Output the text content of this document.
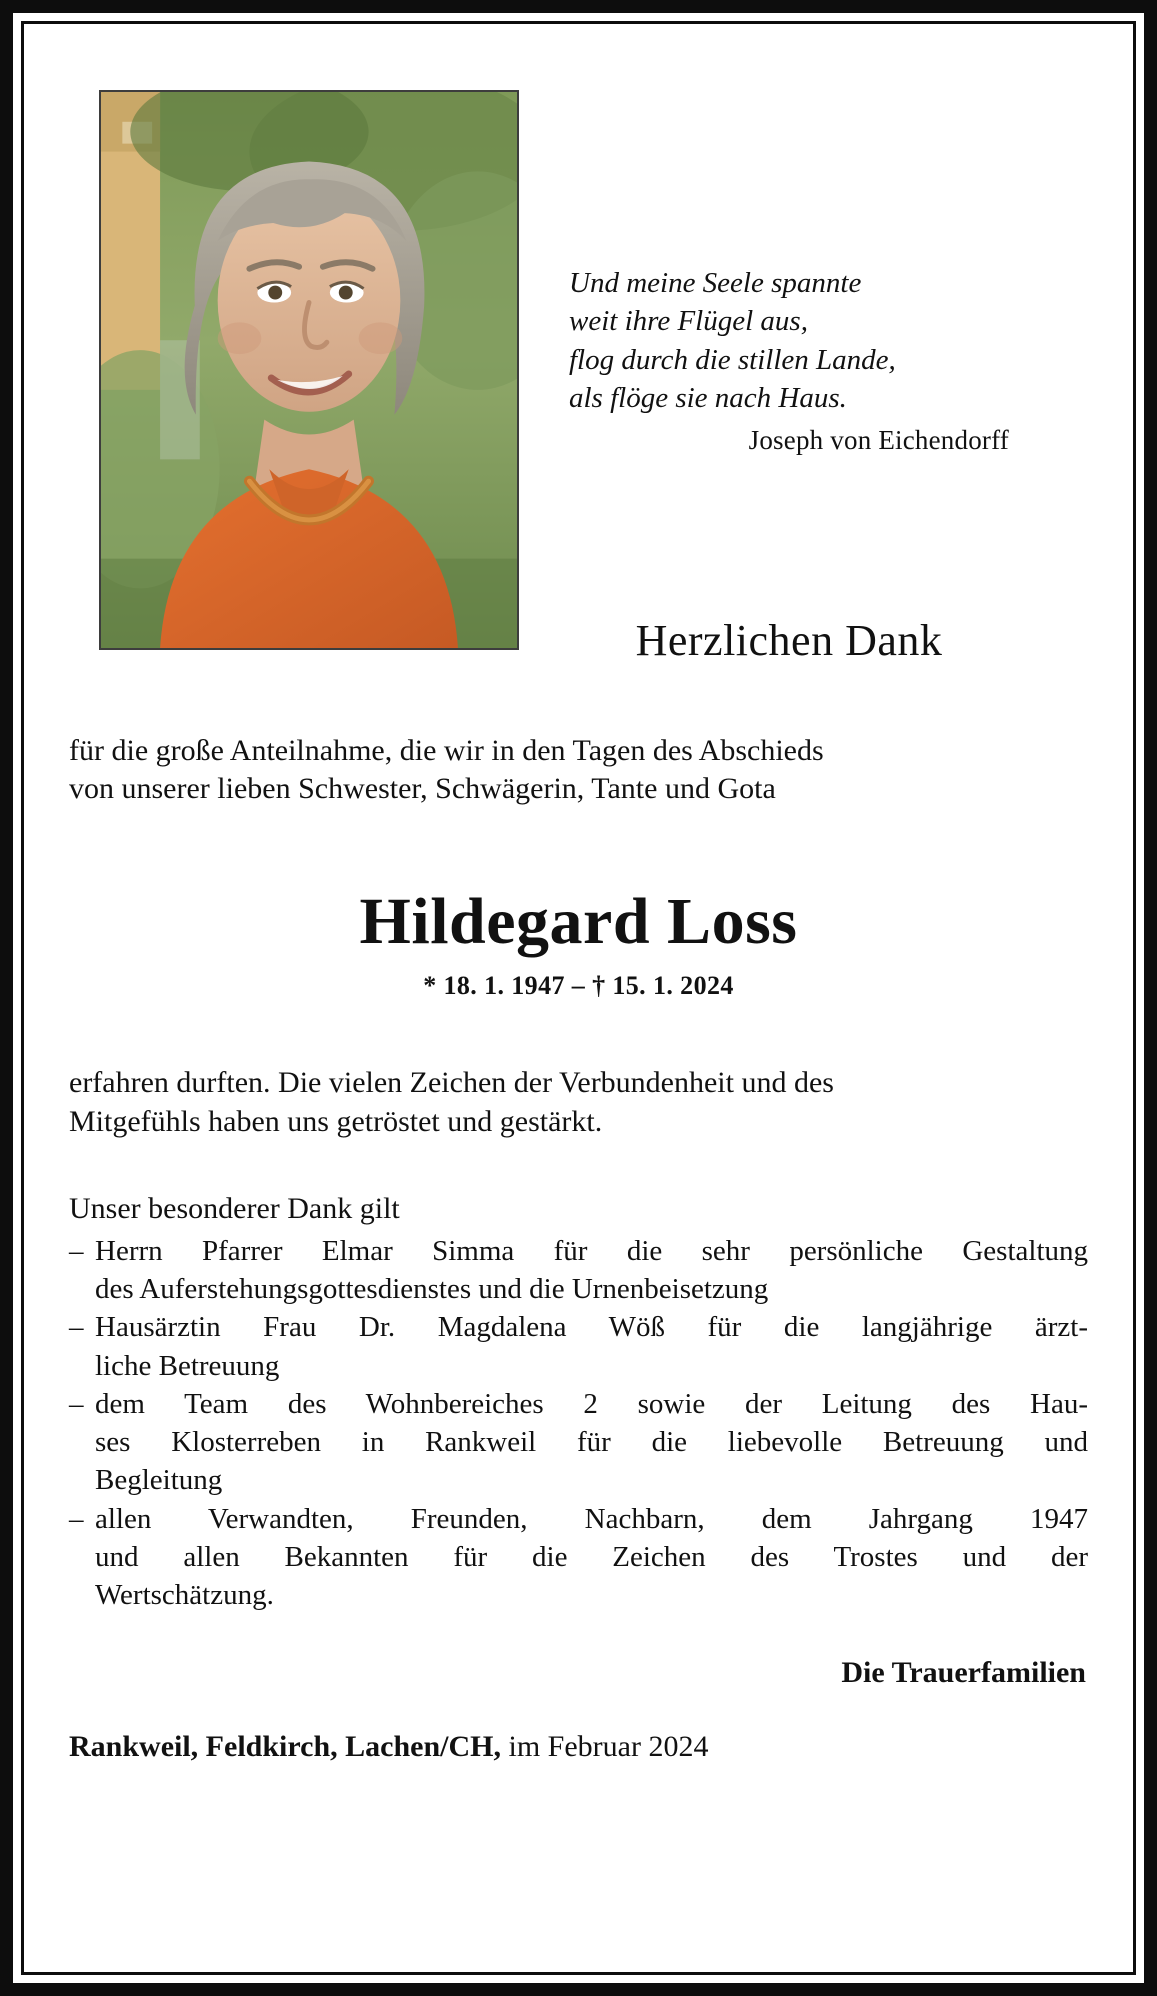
Und meine Seele spannte
weit ihre Flügel aus,
flog durch die stillen Lande,
als flöge sie nach Haus.
Joseph von Eichendorff
Herzlichen Dank
für die große Anteilnahme, die wir in den Tagen des Abschieds
von unserer lieben Schwester, Schwägerin, Tante und Gota
Hildegard Loss
* 18. 1. 1947 – † 15. 1. 2024
erfahren durften. Die vielen Zeichen der Verbundenheit und des
Mitgefühls haben uns getröstet und gestärkt.
Unser besonderer Dank gilt
– Herrn Pfarrer Elmar Simma für die sehr persönliche Gestaltung
des Auferstehungsgottesdienstes und die Urnenbeisetzung
– Hausärztin Frau Dr. Magdalena Wöß für die langjährige ärzt-
liche Betreuung
– dem Team des Wohnbereiches 2 sowie der Leitung des Hau-
ses Klosterreben in Rankweil für die liebevolle Betreuung und
Begleitung
– allen Verwandten, Freunden, Nachbarn, dem Jahrgang 1947
und allen Bekannten für die Zeichen des Trostes und der
Wertschätzung.
Die Trauerfamilien
Rankweil, Feldkirch, Lachen/CH, im Februar 2024
